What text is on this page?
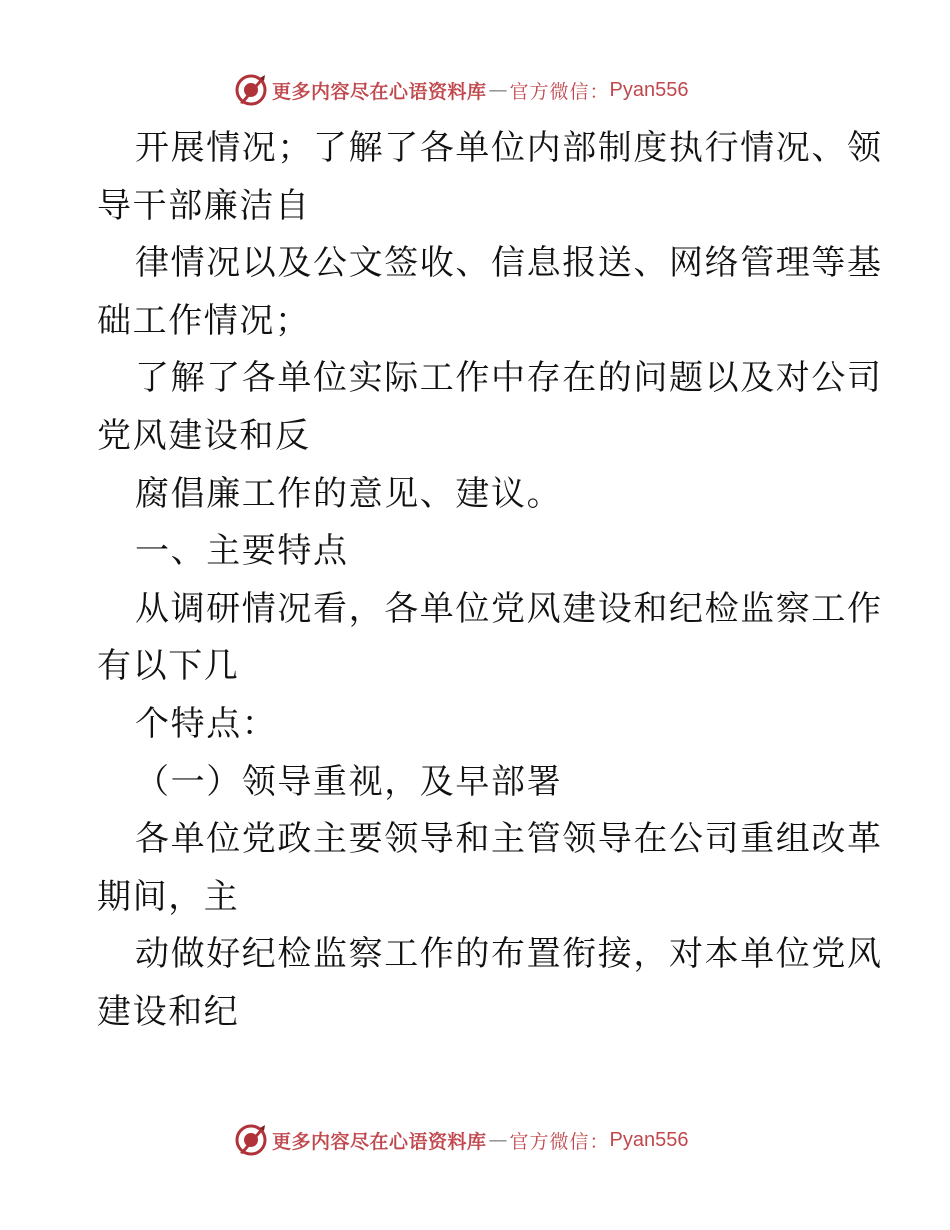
更多内容尽在心语资料库 — 官方微信： Pyan556
开展情况；了解了各单位内部制度执行情况、领
导干部廉洁自
律情况以及公文签收、信息报送、网络管理等基
础工作情况；
了解了各单位实际工作中存在的问题以及对公司
党风建设和反
腐倡廉工作的意见、建议。
一、主要特点
从调研情况看，各单位党风建设和纪检监察工作
有以下几
个特点：
（一）领导重视，及早部署
各单位党政主要领导和主管领导在公司重组改革
期间，主
动做好纪检监察工作的布置衔接，对本单位党风
建设和纪
更多内容尽在心语资料库 — 官方微信： Pyan556
